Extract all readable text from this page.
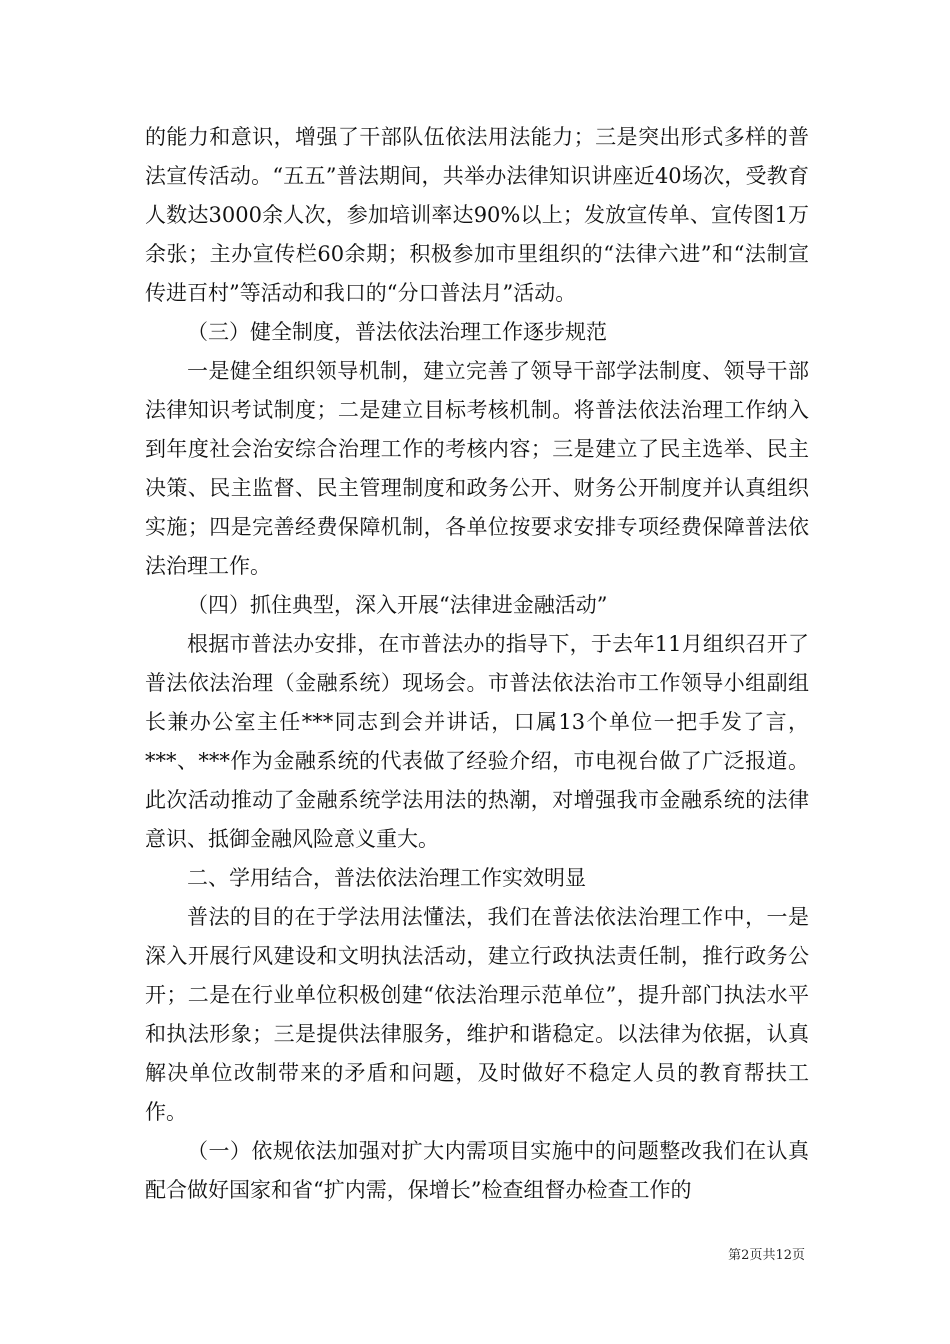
的能力和意识，增强了干部队伍依法用法能力；三是突出形式多样的普法宣传活动。“五五”普法期间，共举办法律知识讲座近40场次，受教育人数达3000余人次，参加培训率达90%以上；发放宣传单、宣传图1万余张；主办宣传栏60余期；积极参加市里组织的“法律六进”和“法制宣传进百村”等活动和我口的“分口普法月”活动。

（三）健全制度，普法依法治理工作逐步规范

一是健全组织领导机制，建立完善了领导干部学法制度、领导干部法律知识考试制度；二是建立目标考核机制。将普法依法治理工作纳入到年度社会治安综合治理工作的考核内容；三是建立了民主选举、民主决策、民主监督、民主管理制度和政务公开、财务公开制度并认真组织实施；四是完善经费保障机制，各单位按要求安排专项经费保障普法依法治理工作。

（四）抓住典型，深入开展“法律进金融活动”

根据市普法办安排，在市普法办的指导下，于去年11月组织召开了普法依法治理（金融系统）现场会。市普法依法治市工作领导小组副组长兼办公室主任***同志到会并讲话，口属13个单位一把手发了言，***、***作为金融系统的代表做了经验介绍，市电视台做了广泛报道。此次活动推动了金融系统学法用法的热潮，对增强我市金融系统的法律意识、抵御金融风险意义重大。

二、学用结合，普法依法治理工作实效明显

普法的目的在于学法用法懂法，我们在普法依法治理工作中，一是深入开展行风建设和文明执法活动，建立行政执法责任制，推行政务公开；二是在行业单位积极创建“依法治理示范单位”，提升部门执法水平和执法形象；三是提供法律服务，维护和谐稳定。以法律为依据，认真解决单位改制带来的矛盾和问题，及时做好不稳定人员的教育帮扶工作。

（一）依规依法加强对扩大内需项目实施中的问题整改我们在认真配合做好国家和省“扩内需，保增长”检查组督办检查工作的

第2页共12页
